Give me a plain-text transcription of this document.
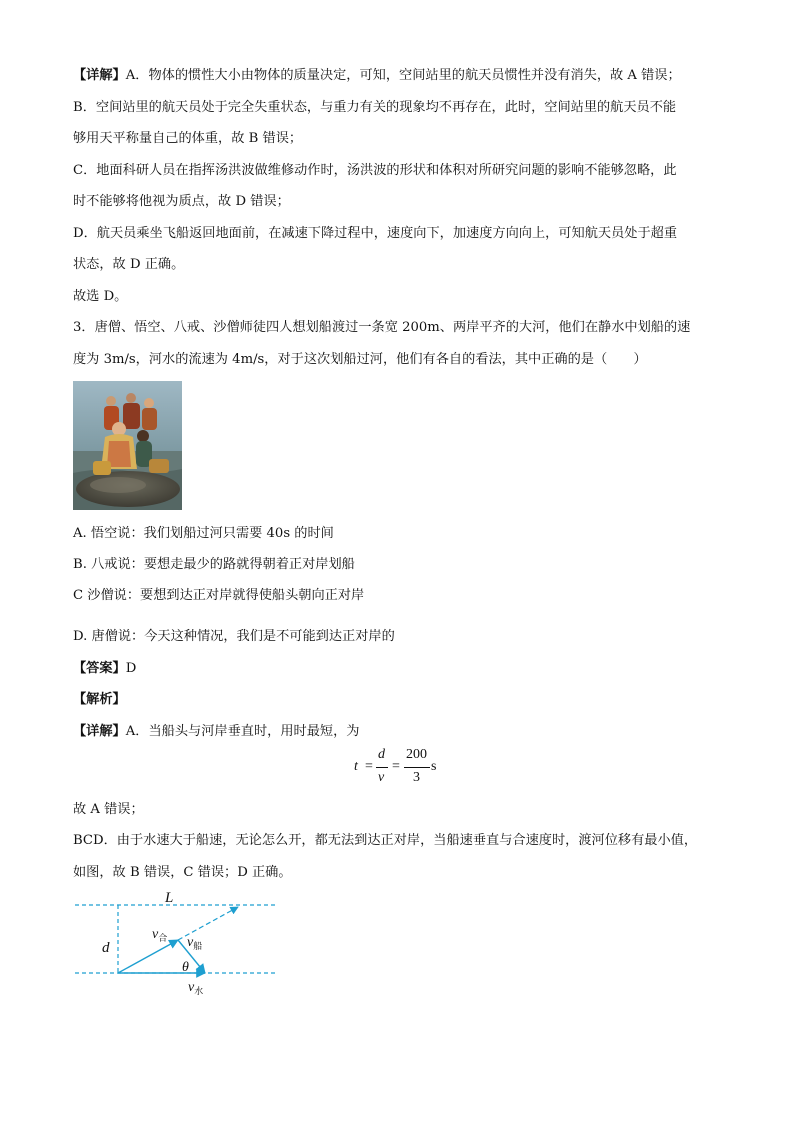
【详解】A．物体的惯性大小由物体的质量决定，可知，空间站里的航天员惯性并没有消失，故 A 错误；
B．空间站里的航天员处于完全失重状态，与重力有关的现象均不再存在，此时，空间站里的航天员不能
够用天平称量自己的体重，故 B 错误；
C．地面科研人员在指挥汤洪波做维修动作时，汤洪波的形状和体积对所研究问题的影响不能够忽略，此
时不能够将他视为质点，故 D 错误；
D．航天员乘坐飞船返回地面前，在减速下降过程中，速度向下，加速度方向向上，可知航天员处于超重
状态，故 D 正确。
故选 D。
3．唐僧、悟空、八戒、沙僧师徒四人想划船渡过一条宽 200m、两岸平齐的大河，他们在静水中划船的速
度为 3m/s，河水的流速为 4m/s，对于这次划船过河，他们有各自的看法，其中正确的是（　　）
A. 悟空说：我们划船过河只需要 40s 的时间
B. 八戒说：要想走最少的路就得朝着正对岸划船
C 沙僧说：要想到达正对岸就得使船头朝向正对岸
D. 唐僧说：今天这种情况，我们是不可能到达正对岸的
【答案】D
【解析】
【详解】A．当船头与河岸垂直时，用时最短，为
t =
d
v
=
200
3
s
故 A 错误；
BCD．由于水速大于船速，无论怎么开，都无法到达正对岸，当船速垂直与合速度时，渡河位移有最小值，
如图，故 B 错误，C 错误；D 正确。
L
d
$v_合$ $v_船$
θ
$v_水$
